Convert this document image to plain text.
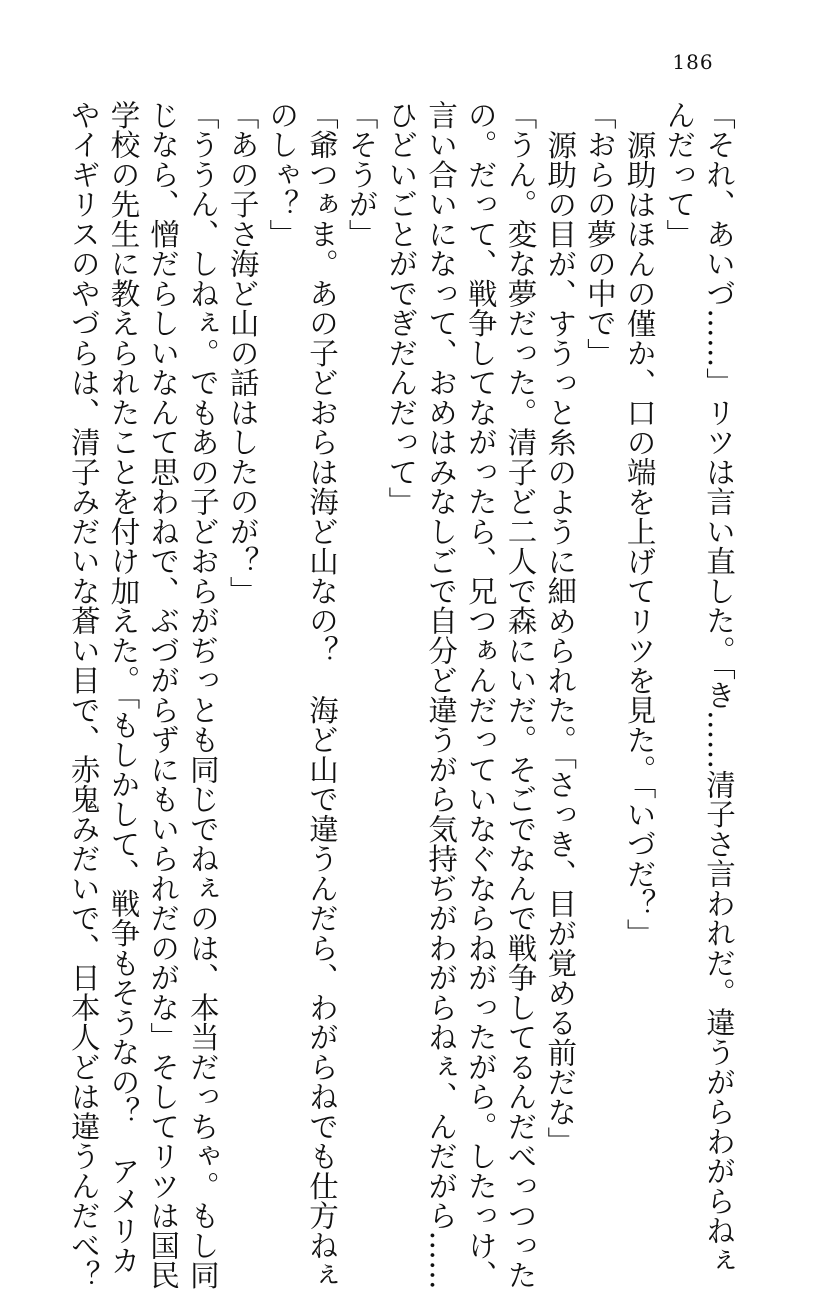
186
「それ、あいづ……」リツは言い直した。「き……清子さ言われだ。違うがらわがらねぇ
んだって」
源助はほんの僅か、口の端を上げてリツを見た。「いづだ？」
「おらの夢の中で」
源助の目が、すうっと糸のように細められた。「さっき、目が覚める前だな」
「うん。変な夢だった。清子ど二人で森にいだ。そごでなんで戦争してるんだべっつった
の。だって、戦争してながったら、兄つぁんだっていなぐならねがったがら。したっけ、
言い合いになって、おめはみなしごで自分ど違うがら気持ぢがわがらねぇ、んだがら……
ひどいごとがでぎだんだって」
「そうが」
「爺つぁま。あの子どおらは海ど山なの？　海ど山で違うんだら、わがらねでも仕方ねぇ
のしゃ？」
「あの子さ海ど山の話はしたのが？」
「ううん、しねぇ。でもあの子どおらがぢっとも同じでねぇのは、本当だっちゃ。もし同
じなら、憎だらしいなんて思わねで、ぶづがらずにもいられだのがな」そしてリツは国民
学校の先生に教えられたことを付け加えた。「もしかして、戦争もそうなの？　アメリカ
やイギリスのやづらは、清子みだいな蒼い目で、赤鬼みだいで、日本人どは違うんだべ？
